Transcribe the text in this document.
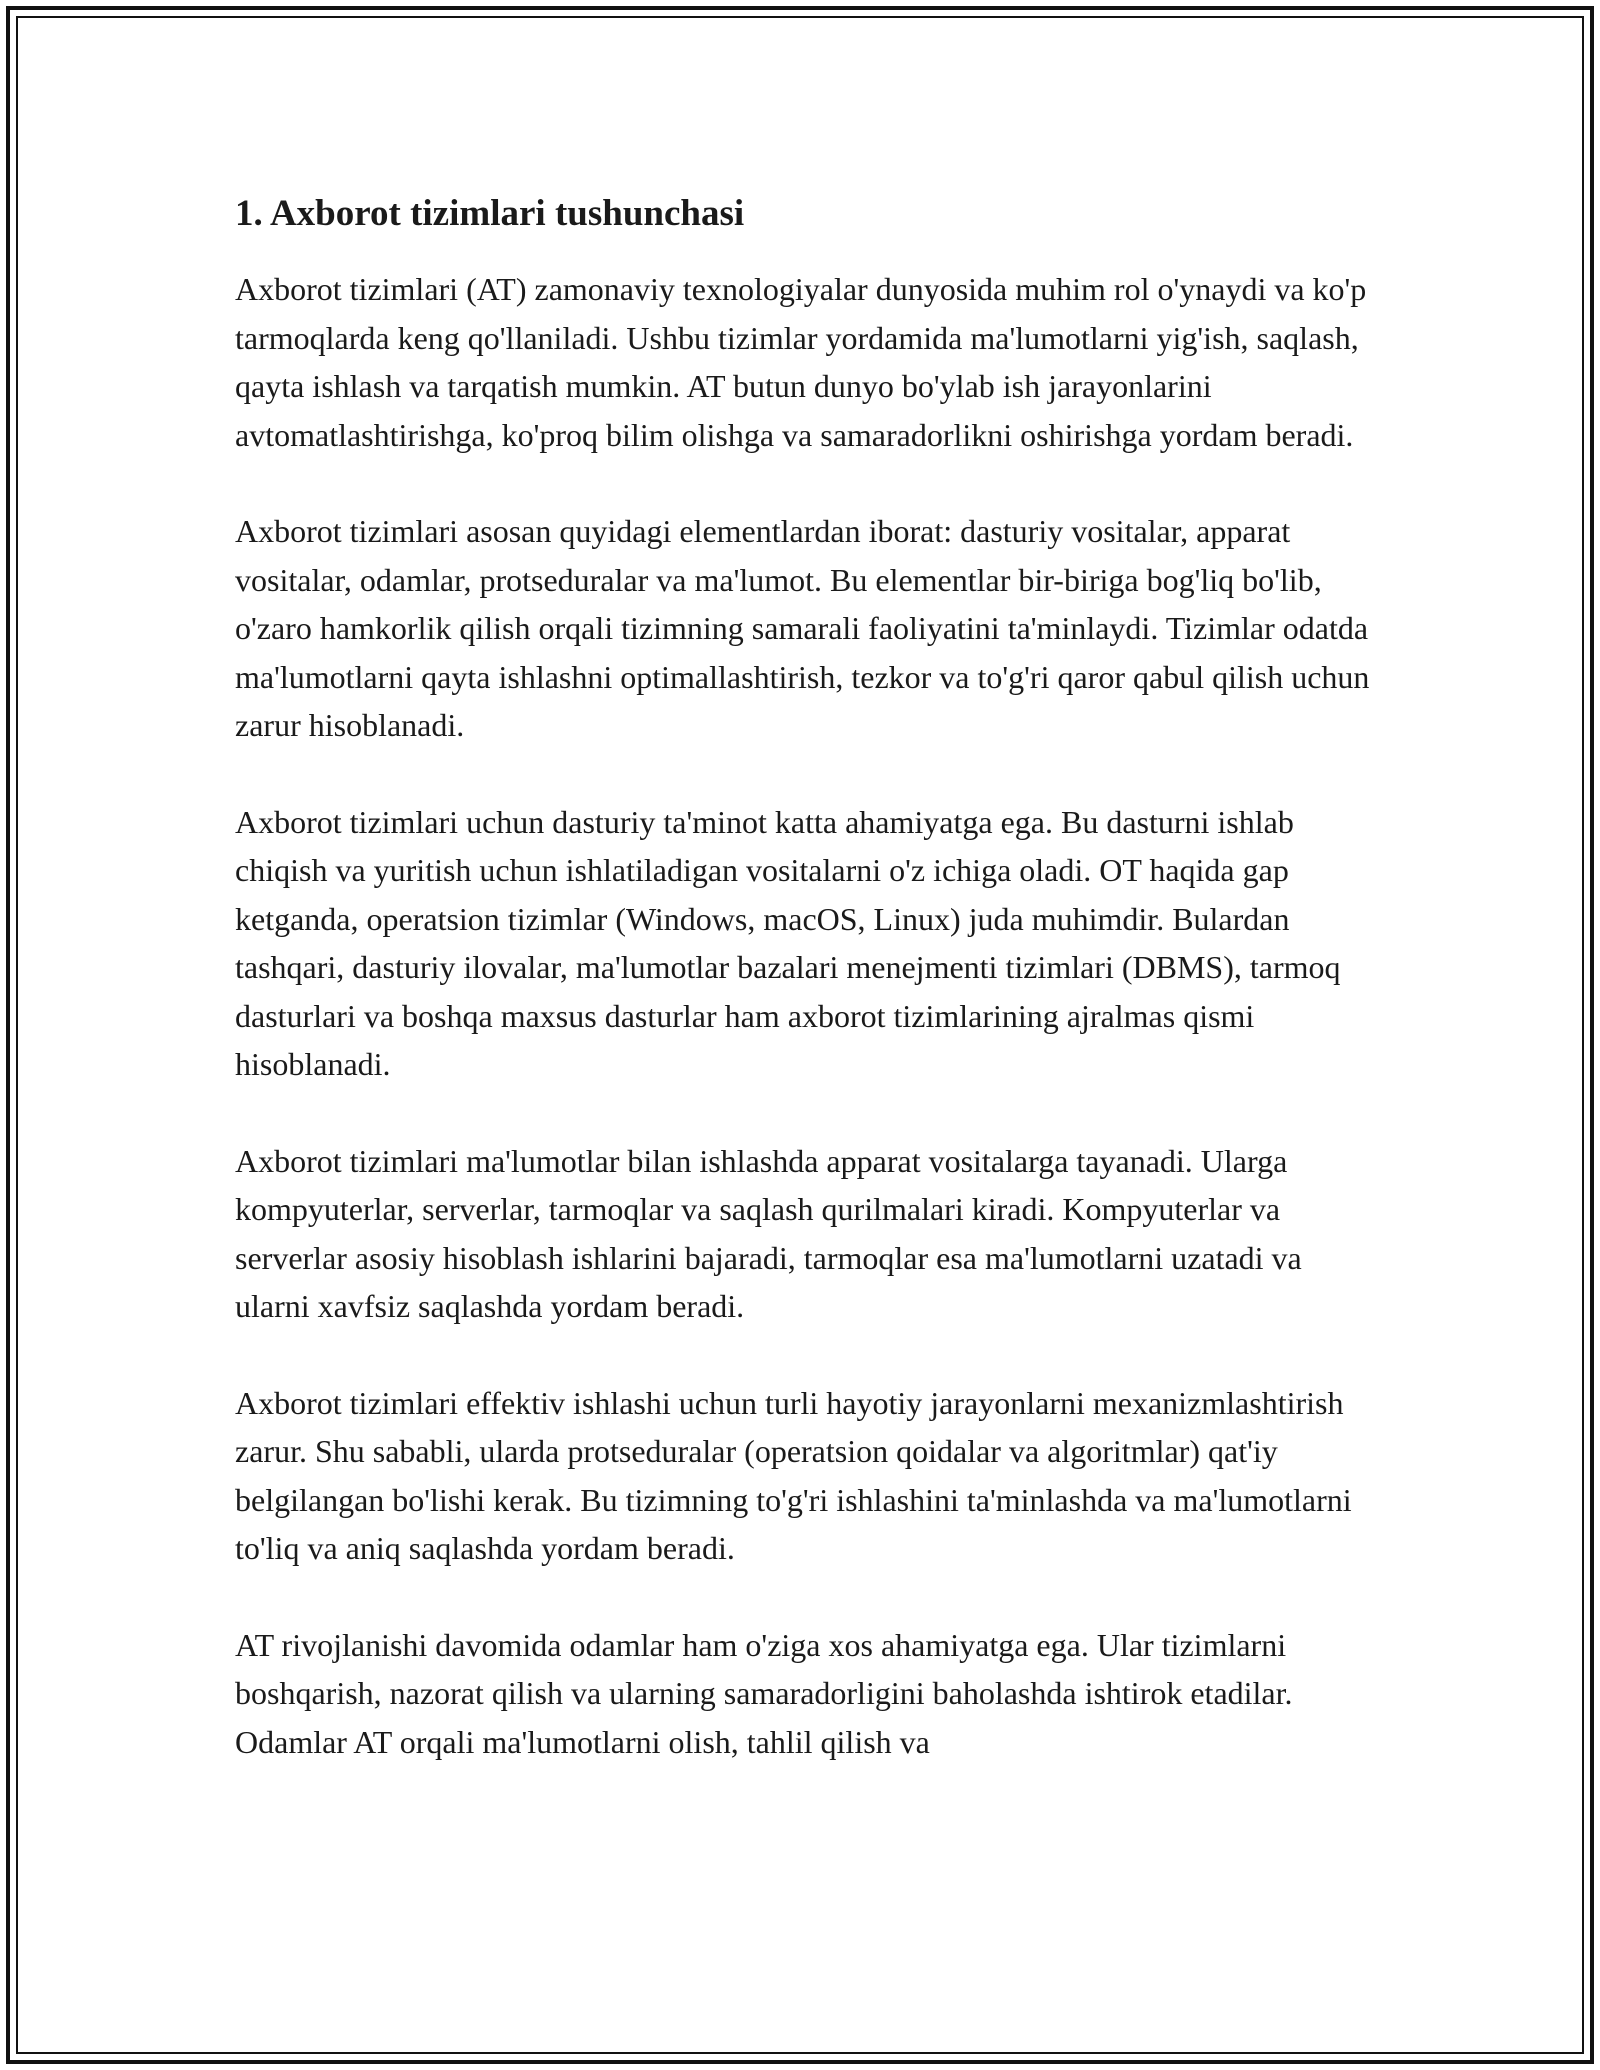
1. Axborot tizimlari tushunchasi

Axborot tizimlari (AT) zamonaviy texnologiyalar dunyosida muhim rol o'ynaydi va ko'p tarmoqlarda keng qo'llaniladi. Ushbu tizimlar yordamida ma'lumotlarni yig'ish, saqlash, qayta ishlash va tarqatish mumkin. AT butun dunyo bo'ylab ish jarayonlarini avtomatlashtirishga, ko'proq bilim olishga va samaradorlikni oshirishga yordam beradi.

Axborot tizimlari asosan quyidagi elementlardan iborat: dasturiy vositalar, apparat vositalar, odamlar, protseduralar va ma'lumot. Bu elementlar bir-biriga bog'liq bo'lib, o'zaro hamkorlik qilish orqali tizimning samarali faoliyatini ta'minlaydi. Tizimlar odatda ma'lumotlarni qayta ishlashni optimallashtirish, tezkor va to'g'ri qaror qabul qilish uchun zarur hisoblanadi.

Axborot tizimlari uchun dasturiy ta'minot katta ahamiyatga ega. Bu dasturni ishlab chiqish va yuritish uchun ishlatiladigan vositalarni o'z ichiga oladi. OT haqida gap ketganda, operatsion tizimlar (Windows, macOS, Linux) juda muhimdir. Bulardan tashqari, dasturiy ilovalar, ma'lumotlar bazalari menejmenti tizimlari (DBMS), tarmoq dasturlari va boshqa maxsus dasturlar ham axborot tizimlarining ajralmas qismi hisoblanadi.

Axborot tizimlari ma'lumotlar bilan ishlashda apparat vositalarga tayanadi. Ularga kompyuterlar, serverlar, tarmoqlar va saqlash qurilmalari kiradi. Kompyuterlar va serverlar asosiy hisoblash ishlarini bajaradi, tarmoqlar esa ma'lumotlarni uzatadi va ularni xavfsiz saqlashda yordam beradi.

Axborot tizimlari effektiv ishlashi uchun turli hayotiy jarayonlarni mexanizmlashtirish zarur. Shu sababli, ularda protseduralar (operatsion qoidalar va algoritmlar) qat'iy belgilangan bo'lishi kerak. Bu tizimning to'g'ri ishlashini ta'minlashda va ma'lumotlarni to'liq va aniq saqlashda yordam beradi.

AT rivojlanishi davomida odamlar ham o'ziga xos ahamiyatga ega. Ular tizimlarni boshqarish, nazorat qilish va ularning samaradorligini baholashda ishtirok etadilar. Odamlar AT orqali ma'lumotlarni olish, tahlil qilish va
